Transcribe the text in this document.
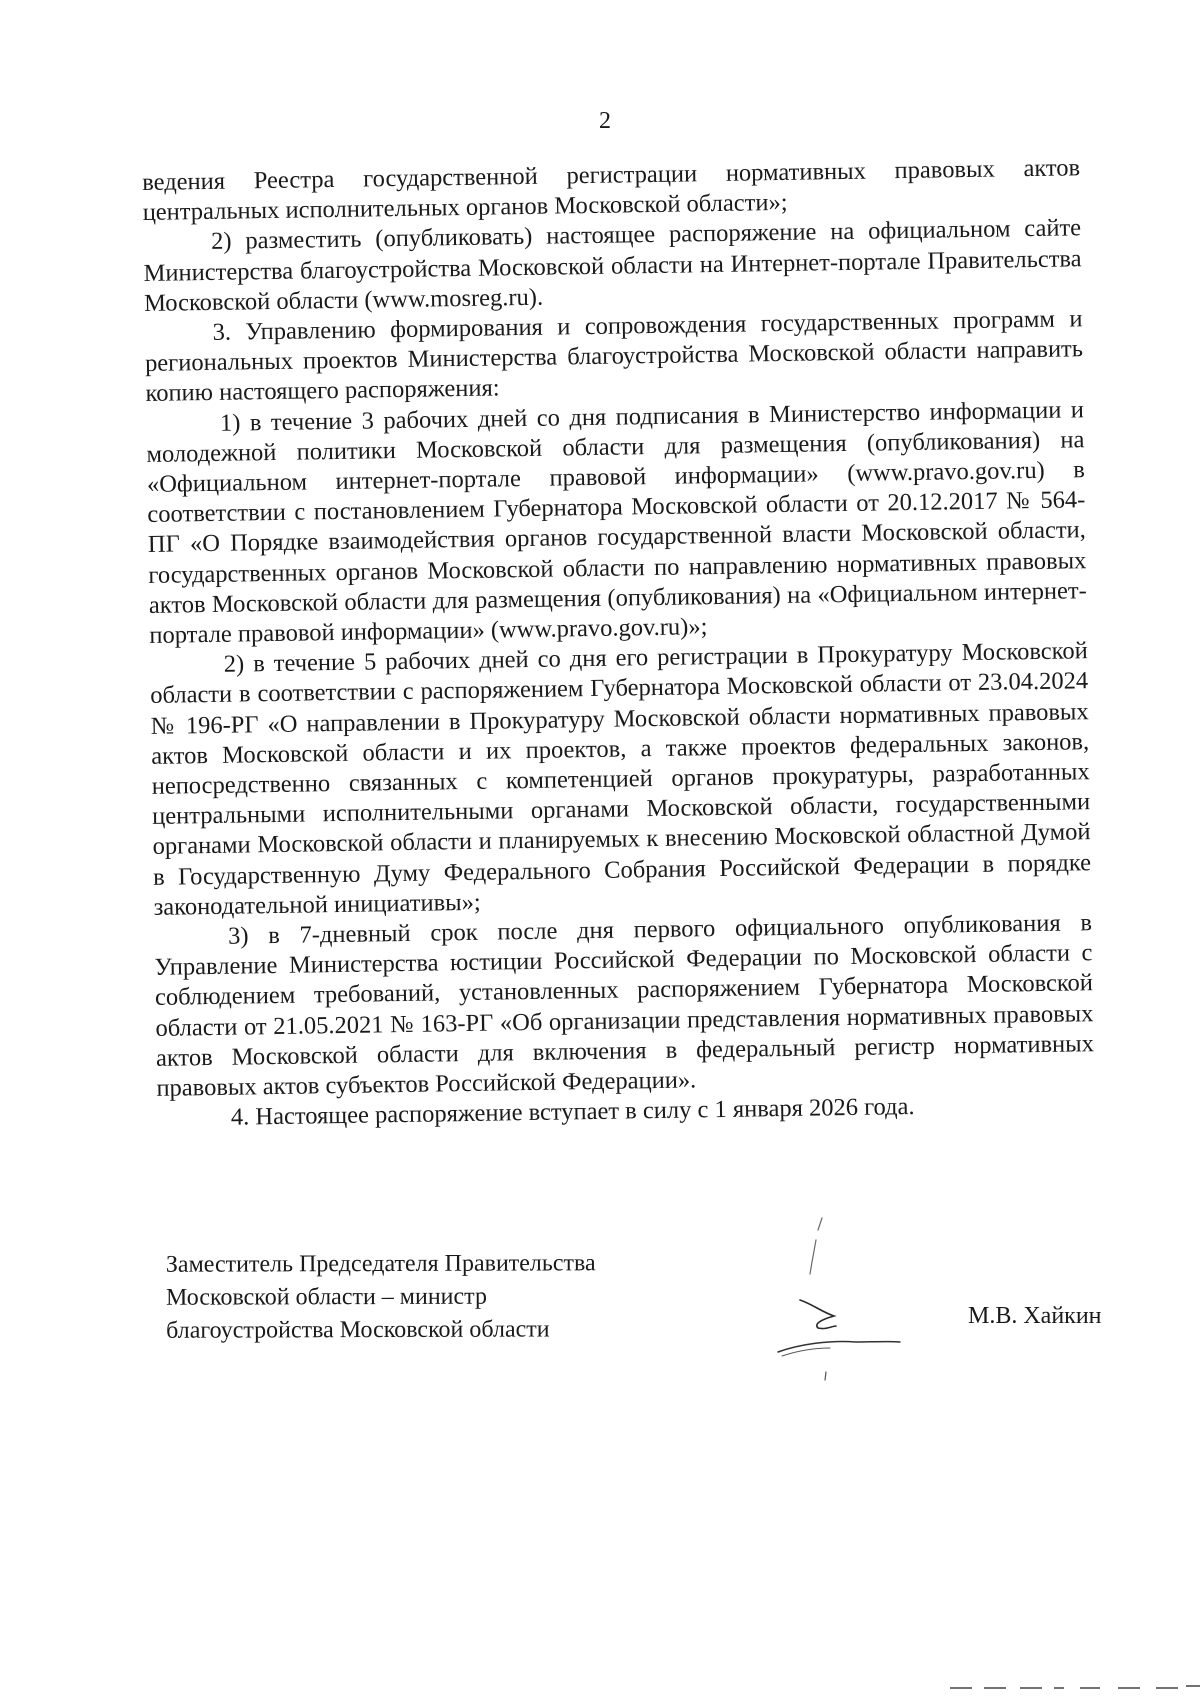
2

ведения Реестра государственной регистрации нормативных правовых актов центральных исполнительных органов Московской области»;

2) разместить (опубликовать) настоящее распоряжение на официальном сайте Министерства благоустройства Московской области на Интернет-портале Правительства Московской области (www.mosreg.ru).

3. Управлению формирования и сопровождения государственных программ и региональных проектов Министерства благоустройства Московской области направить копию настоящего распоряжения:

1) в течение 3 рабочих дней со дня подписания в Министерство информации и молодежной политики Московской области для размещения (опубликования) на «Официальном интернет-портале правовой информации» (www.pravo.gov.ru) в соответствии с постановлением Губернатора Московской области от 20.12.2017 № 564-ПГ «О Порядке взаимодействия органов государственной власти Московской области, государственных органов Московской области по направлению нормативных правовых актов Московской области для размещения (опубликования) на «Официальном интернет-портале правовой информации» (www.pravo.gov.ru)»;

2) в течение 5 рабочих дней со дня его регистрации в Прокуратуру Московской области в соответствии с распоряжением Губернатора Московской области от 23.04.2024 № 196-РГ «О направлении в Прокуратуру Московской области нормативных правовых актов Московской области и их проектов, а также проектов федеральных законов, непосредственно связанных с компетенцией органов прокуратуры, разработанных центральными исполнительными органами Московской области, государственными органами Московской области и планируемых к внесению Московской областной Думой в Государственную Думу Федерального Собрания Российской Федерации в порядке законодательной инициативы»;

3) в 7-дневный срок после дня первого официального опубликования в Управление Министерства юстиции Российской Федерации по Московской области с соблюдением требований, установленных распоряжением Губернатора Московской области от 21.05.2021 № 163-РГ «Об организации представления нормативных правовых актов Московской области для включения в федеральный регистр нормативных правовых актов субъектов Российской Федерации».

4. Настоящее распоряжение вступает в силу с 1 января 2026 года.

Заместитель Председателя Правительства
Московской области – министр
благоустройства Московской области
М.В. Хайкин
